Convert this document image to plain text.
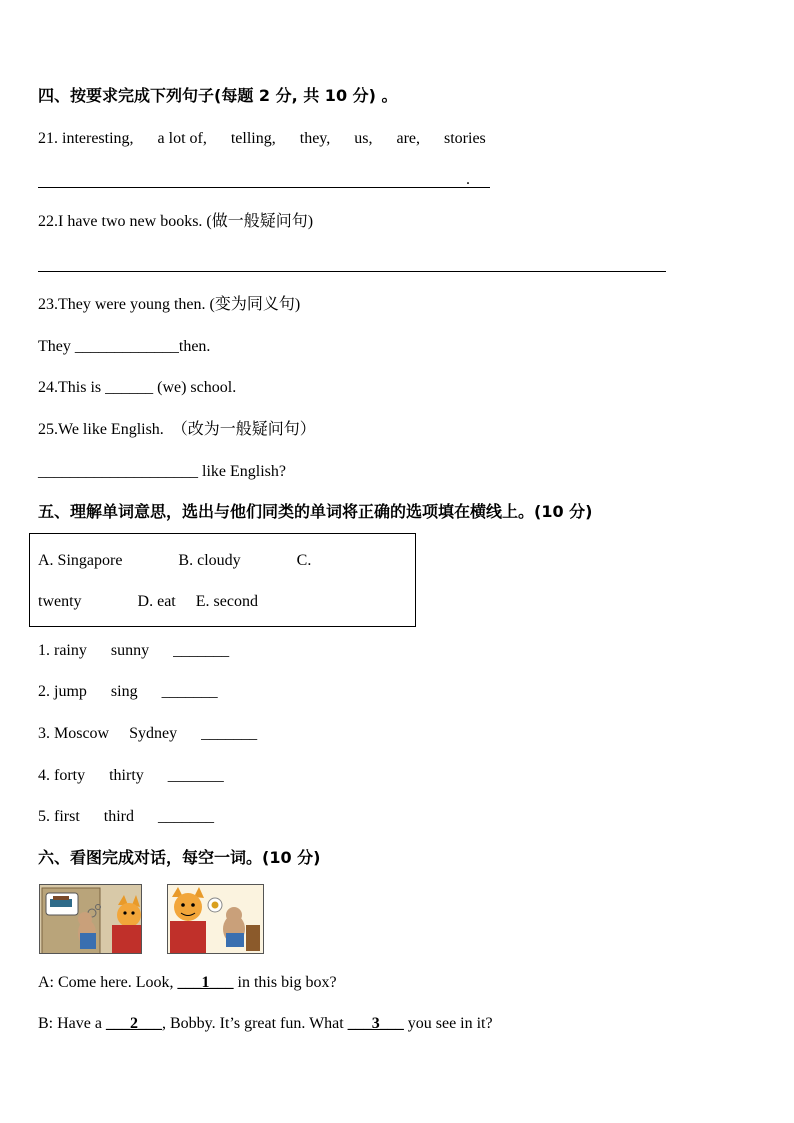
四、按要求完成下列句子(每题 2 分, 共 10 分) 。
21. interesting,      a lot of,      telling,      they,      us,      are,      stories
.
22.I have two new books. (做一般疑问句)
23.They were young then. (变为同义句)
They _____________then.
24.This is ______ (we) school.
25.We like English.  （改为一般疑问句）
____________________ like English?
五、理解单词意思，选出与他们同类的单词将正确的选项填在横线上。(10 分)
A. Singapore              B. cloudy              C.
twenty              D. eat     E. second
1. rainy      sunny      _______
2. jump      sing      _______
3. Moscow     Sydney      _______
4. forty      thirty      _______
5. first      third      _______
六、看图完成对话，每空一词。(10 分)
A: Come here. Look, ___1___ in this big box?
B: Have a ___2___, Bobby. It’s great fun. What ___3___ you see in it?
